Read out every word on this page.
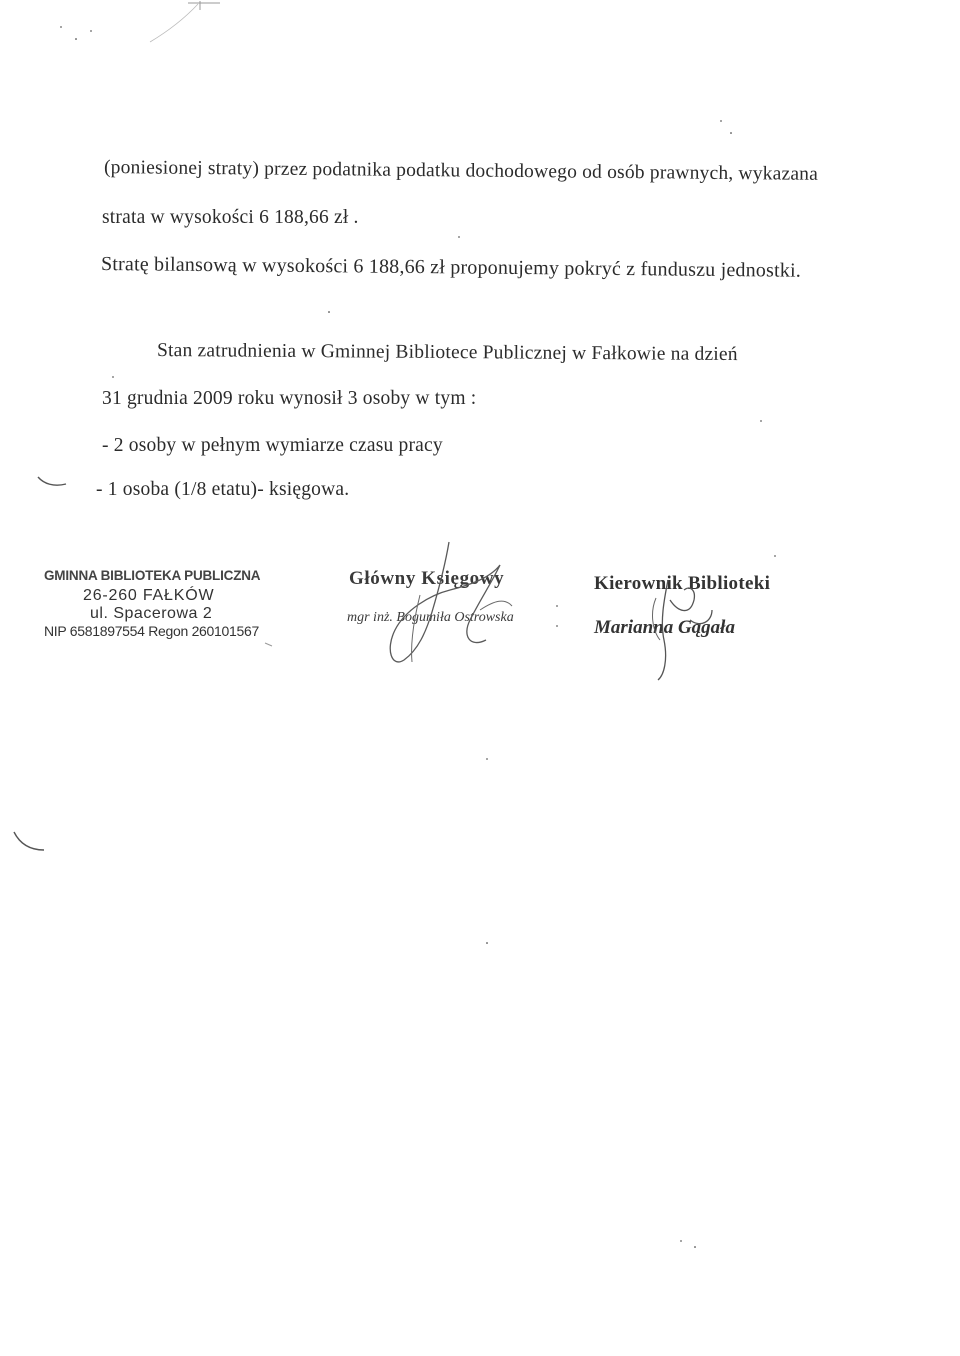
(poniesionej straty) przez podatnika podatku dochodowego od osób prawnych, wykazana
strata w wysokości 6 188,66 zł .
Stratę bilansową w wysokości 6 188,66 zł proponujemy pokryć z funduszu jednostki.
Stan zatrudnienia w Gminnej Bibliotece Publicznej w Fałkowie na dzień
31 grudnia 2009 roku wynosił 3 osoby w tym :
- 2 osoby w pełnym wymiarze czasu pracy
- 1 osoba (1/8 etatu)- księgowa.
GMINNA BIBLIOTEKA PUBLICZNA
26-260 FAŁKÓW
ul. Spacerowa 2
NIP 6581897554 Regon 260101567
Główny Księgowy
mgr inż. Bogumiła Ostrowska
Kierownik Biblioteki
Marianna Gągała
